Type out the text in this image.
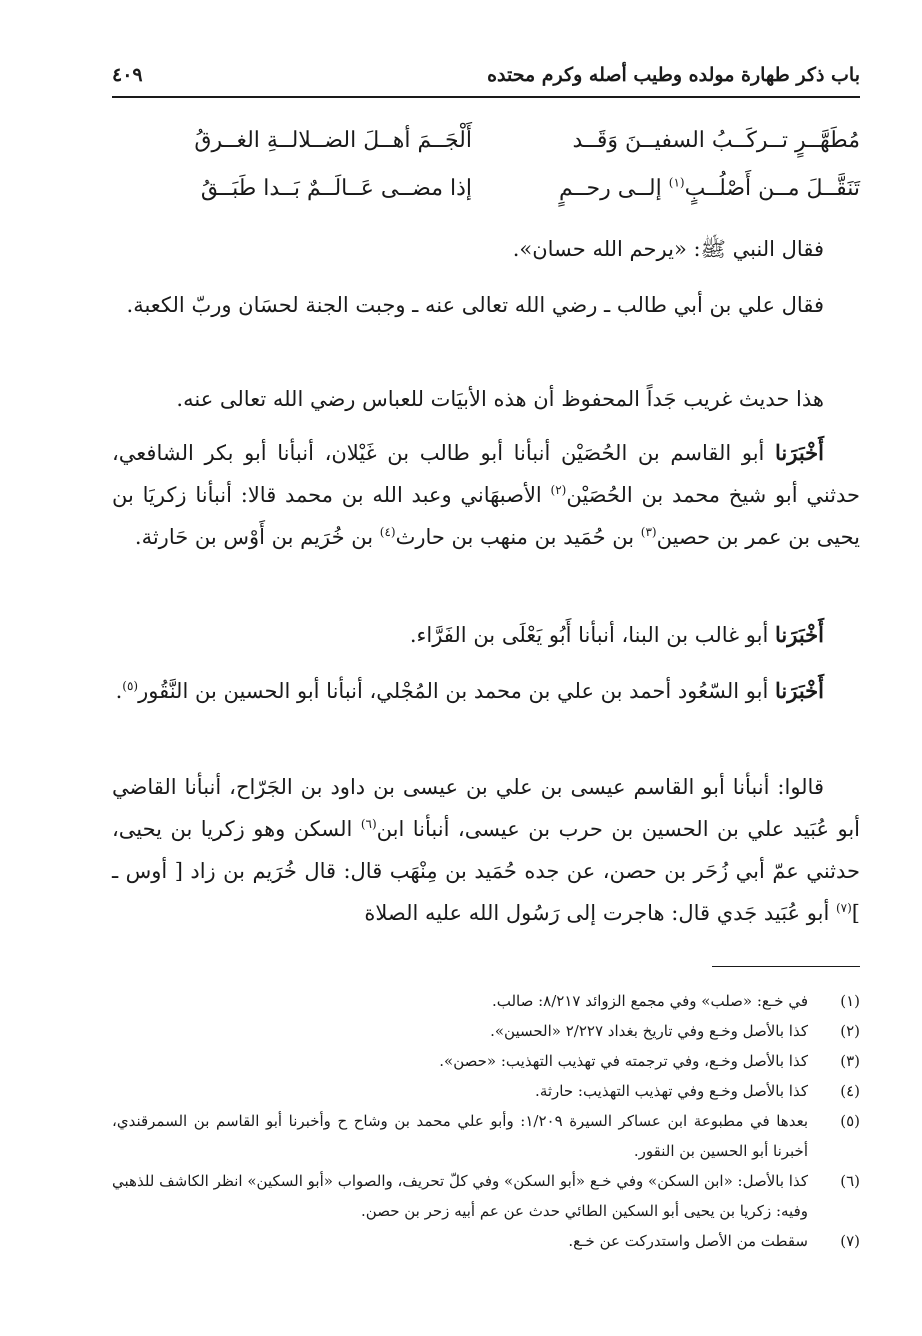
باب ذكر طهارة مولده وطيب أصله وكرم محتده
٤٠٩
مُطَهَّــرٍ تــركَــبُ السفيــنَ وَقَــد
أَلْجَــمَ أهــلَ الضــلالــةِ الغــرقُ
تَنَقَّــلَ مــن أَصْلُــبٍ$^{(١)}$ إلــى رحــمٍ
إذا مضــى عَــالَــمٌ بَــدا طَبَــقُ
فقال النبي ﷺ: «يرحم الله حسان».
فقال علي بن أبي طالب ـ رضي الله تعالى عنه ـ وجبت الجنة لحسَان وربّ الكعبة.
هذا حديث غريب جَداً المحفوظ أن هذه الأبيَات للعباس رضي الله تعالى عنه.
أَخْبَرَنا أبو القاسم بن الحُصَيْن أنبأنا أبو طالب بن غَيْلان، أنبأنا أبو بكر الشافعي، حدثني أبو شيخ محمد بن الحُصَيْن$^{(٢)}$ الأصبهَاني وعبد الله بن محمد قالا: أنبأنا زكريَا بن يحيى بن عمر بن حصين$^{(٣)}$ بن حُمَيد بن منهب بن حارث$^{(٤)}$ بن خُرَيم بن أَوْس بن حَارثة.
أَخْبَرَنا أبو غالب بن البنا، أنبأنا أَبُو يَعْلَى بن الفَرَّاء.
أَخْبَرَنا أبو السّعُود أحمد بن علي بن محمد بن المُجْلي، أنبأنا أبو الحسين بن النَّقُور$^{(٥)}$.
قالوا: أنبأنا أبو القاسم عيسى بن علي بن عيسى بن داود بن الجَرّاح، أنبأنا القاضي أبو عُبَيد علي بن الحسين بن حرب بن عيسى، أنبأنا ابن$^{(٦)}$ السكن وهو زكريا بن يحيى، حدثني عمّ أبي زُحَر بن حصن، عن جده حُمَيد بن مِنْهَب قال: قال خُرَيم بن زاد [ أوس ـ ]$^{(٧)}$ أبو عُبَيد جَدي قال: هاجرت إلى رَسُول الله عليه الصلاة
(١)
في خـع: «صلب» وفي مجمع الزوائد ٨/٢١٧: صالب.
(٢)
كذا بالأصل وخـع وفي تاريخ بغداد ٢/٢٢٧ «الحسين».
(٣)
كذا بالأصل وخـع، وفي ترجمته في تهذيب التهذيب: «حصن».
(٤)
كذا بالأصل وخـع وفي تهذيب التهذيب: حارثة.
(٥)
بعدها في مطبوعة ابن عساكر السيرة ١/٢٠٩: وأبو علي محمد بن وشاح ح وأخبرنا أبو القاسم بن السمرقندي، أخبرنا أبو الحسين بن النقور.
(٦)
كذا بالأصل: «ابن السكن» وفي خـع «أبو السكن» وفي كلّ تحريف، والصواب «أبو السكين» انظر الكاشف للذهبي وفيه: زكريا بن يحيى أبو السكين الطائي حدث عن عم أبيه زحر بن حصن.
(٧)
سقطت من الأصل واستدركت عن خـع.
